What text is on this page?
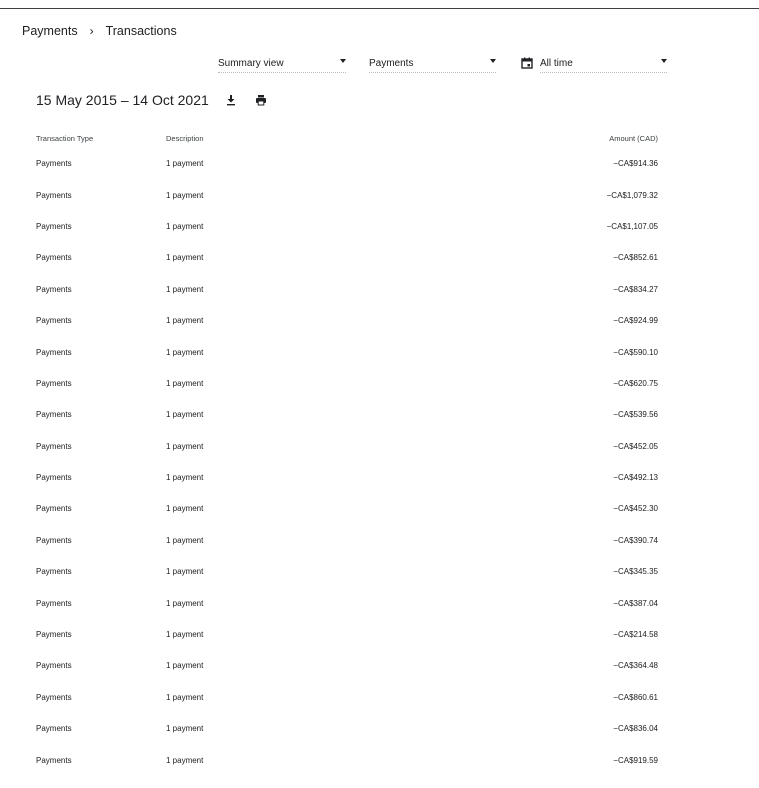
Payments › Transactions
Summary view	Payments	All time
15 May 2015 – 14 Oct 2021
Transaction Type	Description	Amount (CAD)
Payments	1 payment	−CA$914.36
Payments	1 payment	−CA$1,079.32
Payments	1 payment	−CA$1,107.05
Payments	1 payment	−CA$852.61
Payments	1 payment	−CA$834.27
Payments	1 payment	−CA$924.99
Payments	1 payment	−CA$590.10
Payments	1 payment	−CA$620.75
Payments	1 payment	−CA$539.56
Payments	1 payment	−CA$452.05
Payments	1 payment	−CA$492.13
Payments	1 payment	−CA$452.30
Payments	1 payment	−CA$390.74
Payments	1 payment	−CA$345.35
Payments	1 payment	−CA$387.04
Payments	1 payment	−CA$214.58
Payments	1 payment	−CA$364.48
Payments	1 payment	−CA$860.61
Payments	1 payment	−CA$836.04
Payments	1 payment	−CA$919.59
